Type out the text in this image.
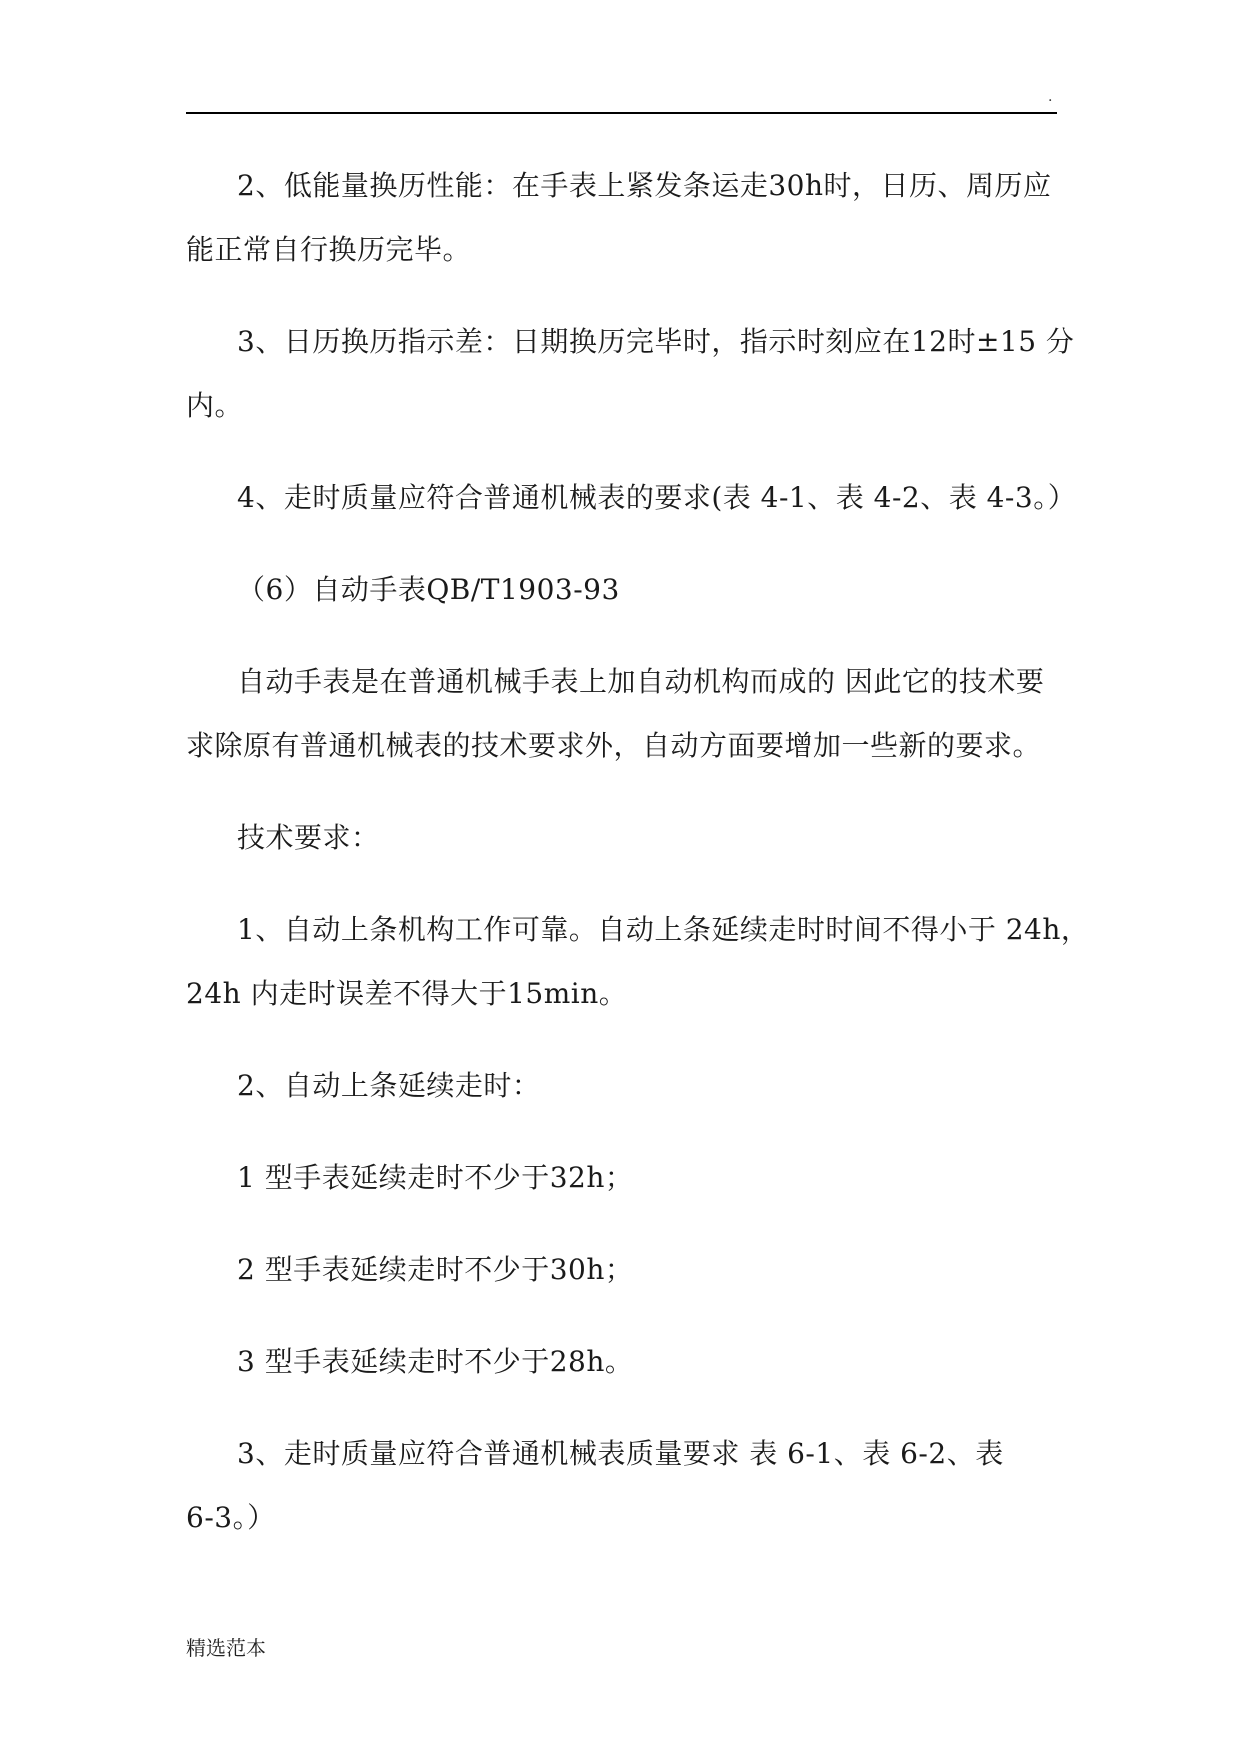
.
2、低能量换历性能：在手表上紧发条运走30h时，日历、周历应
能正常自行换历完毕。
3、日历换历指示差：日期换历完毕时，指示时刻应在12时±15 分
内。
4、走时质量应符合普通机械表的要求(表 4-1、表 4-2、表 4-3。）
（6）自动手表QB/T1903-93
自动手表是在普通机械手表上加自动机构而成的 因此它的技术要
求除原有普通机械表的技术要求外，自动方面要增加一些新的要求。
技术要求：
1、自动上条机构工作可靠。自动上条延续走时时间不得小于 24h，
24h 内走时误差不得大于15min。
2、自动上条延续走时：
1 型手表延续走时不少于32h；
2 型手表延续走时不少于30h；
3 型手表延续走时不少于28h。
3、走时质量应符合普通机械表质量要求 表 6-1、表 6-2、表
6-3。）
精选范本
